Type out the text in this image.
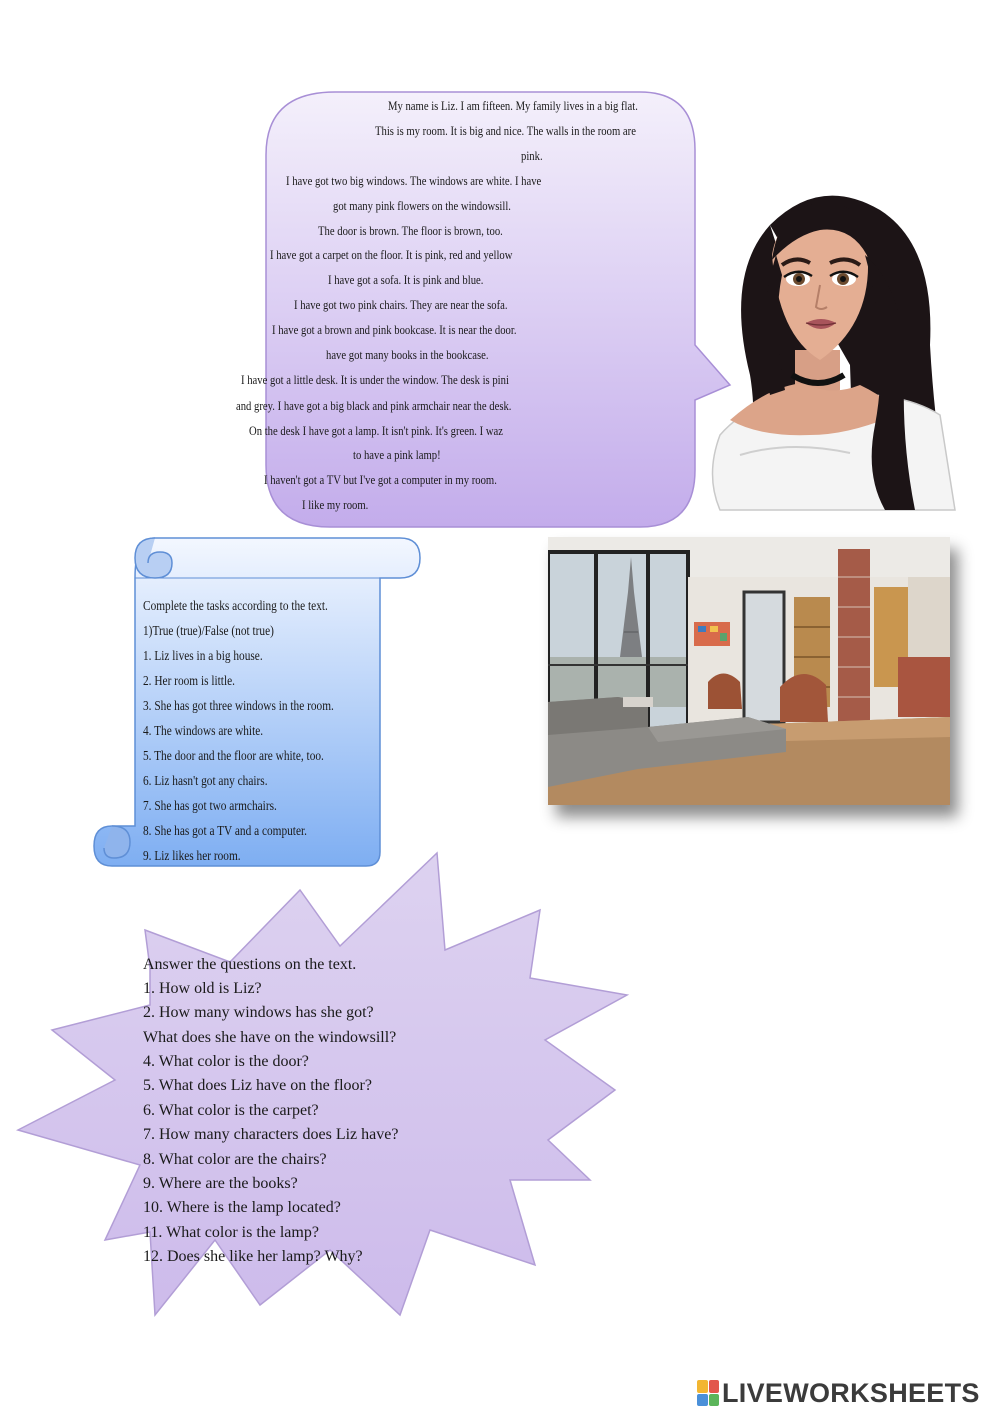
My name is Liz. I am fifteen. My family lives in a big flat.
This is my room. It is big and nice. The walls in the room are
pink.
I have got two big windows. The windows are white. I have
got many pink flowers on the windowsill.
The door is brown. The floor is brown, too.
I have got a carpet on the floor. It is pink, red and yellow
I have got a sofa. It is pink and blue.
I have got two pink chairs. They are near the sofa.
I have got a brown and pink bookcase. It is near the door.
have got many books in the bookcase.
I have got a little desk. It is under the window. The desk is pini
and grey. I have got a big black and pink armchair near the desk.
On the desk I have got a lamp. It isn't pink. It's green. I waz
to have a pink lamp!
I haven't got a TV but I've got a computer in my room.
I like my room.
Complete the tasks according to the text.
1)True (true)/False (not true)
1. Liz lives in a big house.
2. Her room is little.
3. She has got three windows in the room.
4. The windows are white.
5. The door and the floor are white, too.
6. Liz hasn't got any chairs.
7. She has got two armchairs.
8. She has got a TV and a computer.
9. Liz likes her room.
Answer the questions on the text.
1. How old is Liz?
2. How many windows has she got?
What does she have on the windowsill?
4. What color is the door?
5. What does Liz have on the floor?
6. What color is the carpet?
7. How many characters does Liz have?
8. What color are the chairs?
9. Where are the books?
10. Where is the lamp located?
11. What color is the lamp?
12. Does she like her lamp? Why?
LIVEWORKSHEETS
